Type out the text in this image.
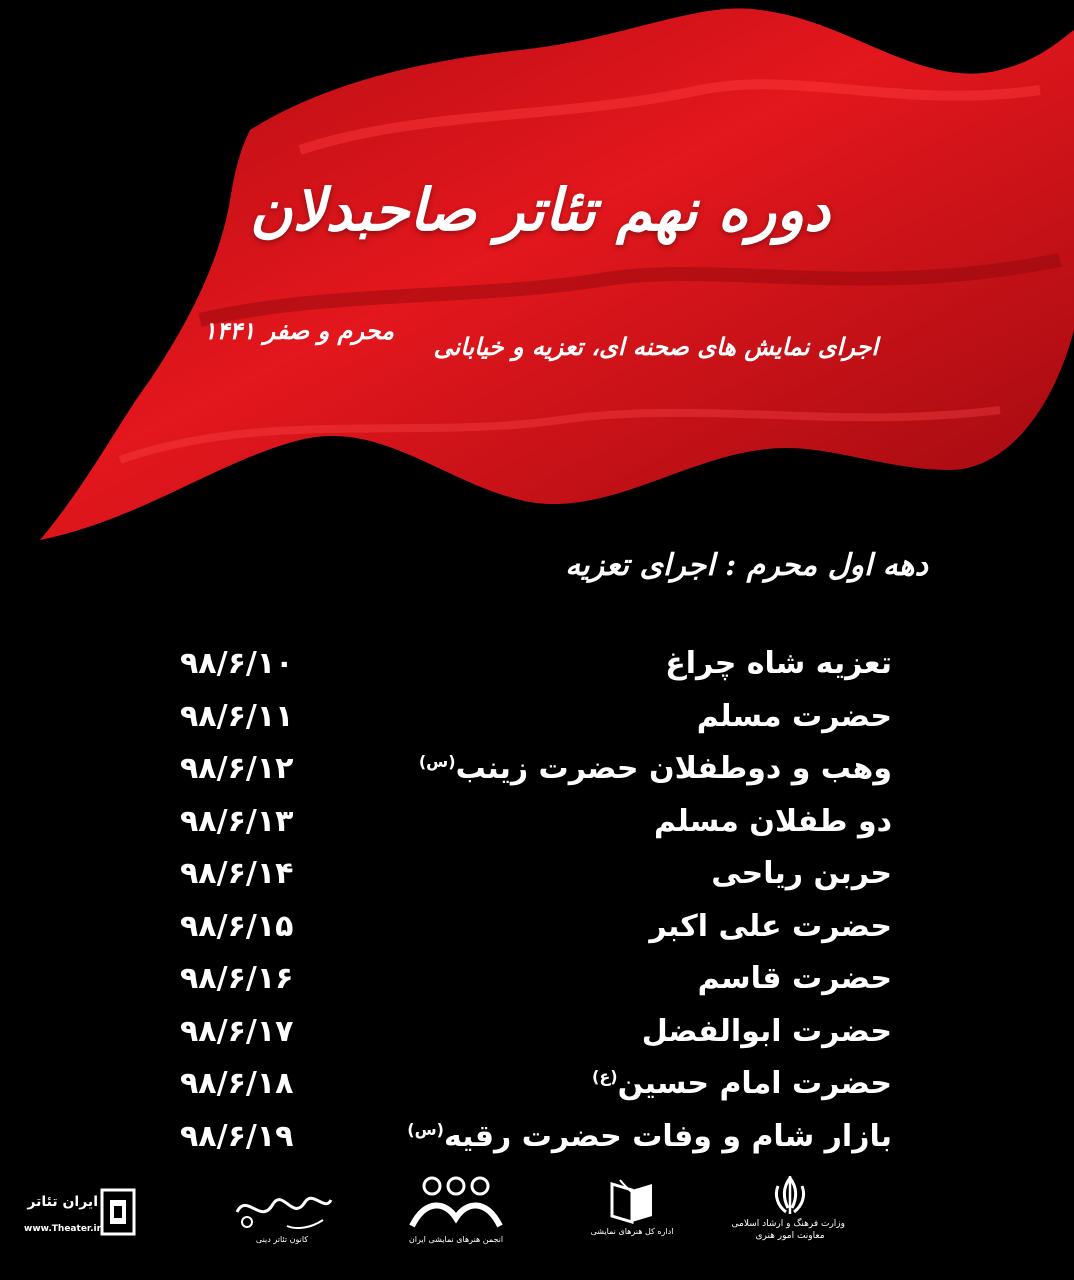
دوره نهم تئاتر صاحبدلان
اجرای نمایش های صحنه ای، تعزیه و خیابانی
محرم و صفر ۱۴۴۱
دهه اول محرم : اجرای تعزیه
تعزیه شاه چراغ
۹۸/۶/۱۰
حضرت مسلم
۹۸/۶/۱۱
وهب و دوطفلان حضرت زینب$^{(س)}$
۹۸/۶/۱۲
دو طفلان مسلم
۹۸/۶/۱۳
حربن ریاحی
۹۸/۶/۱۴
حضرت علی اکبر
۹۸/۶/۱۵
حضرت قاسم
۹۸/۶/۱۶
حضرت ابوالفضل
۹۸/۶/۱۷
حضرت امام حسین$^{(ع)}$
۹۸/۶/۱۸
بازار شام و وفات حضرت رقیه$^{(س)}$
۹۸/۶/۱۹
وزارت فرهنگ و ارشاد اسلامی
معاونت امور هنری
اداره کل هنرهای نمایشی
انجمن هنرهای نمایشی ایران
کانون تئاتر دینی
ایران تئاتر
www.Theater.ir
